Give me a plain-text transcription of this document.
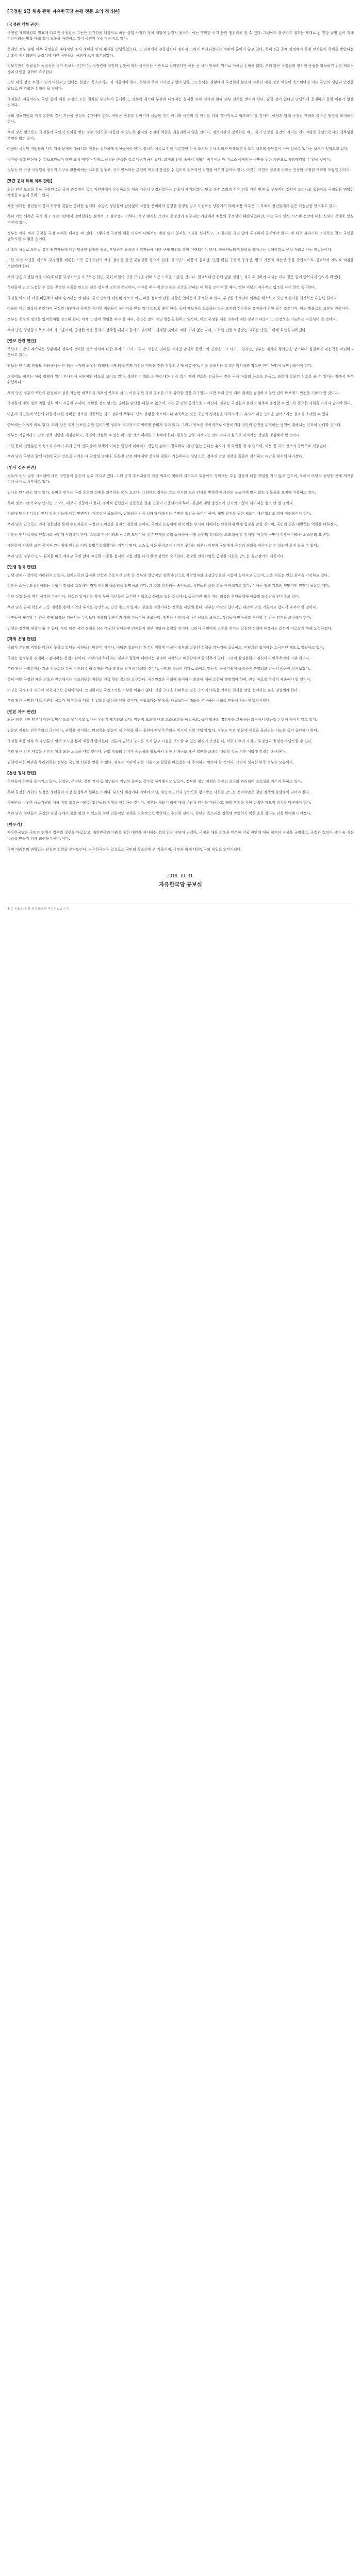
[국정원 5급 채용 관련 자유한국당 논평 전문 요약 정리본]
[국정원 개혁 관련]

국정원 개혁위원회 발표에 따르면 국정원은 그동안 민간인을 대상으로 하는 불법 사찰과 정치 개입에 앞장서 왔으며, 이는 명백한 국기 문란 행위라고 할 수 있다. 그럼에도 불구하고 정부는 제대로 된 진상 규명 없이 적폐 청산이라는 명목 아래 정치 보복을 자행하고 있어 국민적 우려가 커지고 있다.

문재인 정부 출범 이후 국정원은 대대적인 조직 개편과 인적 쇄신을 단행하였으나, 그 과정에서 전문성보다 정치적 고려가 우선되었다는 비판이 끊이지 않고 있다. 특히 5급 공채 과정에서 특정 인사들이 특혜를 받았다는 의혹이 제기되면서 공정성에 대한 국민들의 신뢰가 크게 훼손되었다.

정보기관의 중립성과 독립성은 국가 안보의 근간이다. 국정원이 정권의 입맛에 따라 움직이는 기관으로 전락한다면 이는 곧 국가 안보의 위기로 이어질 수밖에 없다. 우리 당은 국정원의 정치적 중립을 확보하기 위한 제도적 장치 마련을 강력히 촉구한다.

또한 대북 정보 수집 기능이 약화되고 있다는 현장의 목소리에도 귀 기울여야 한다. 북한의 핵과 미사일 위협이 날로 고도화되는 상황에서 국정원의 본연의 임무인 대북 정보 역량이 축소된다면 이는 국민의 생명과 안전을 담보로 한 위험한 실험이 될 것이다.

국정원은 지금이라도 국민 앞에 채용 과정의 모든 절차를 투명하게 공개하고, 의혹이 제기된 부분에 대해서는 철저한 자체 감사와 함께 외부 감사를 받아야 한다. 숨길 것이 없다면 당당하게 공개하지 못할 이유가 없을 것이다.

국회 정보위원회 역시 본연의 감시 기능을 충실히 수행해야 한다. 여당은 정부를 감싸기에 급급할 것이 아니라 국민의 알 권리를 위해 적극적으로 협조해야 할 것이며, 야당과 함께 국정원 개혁의 올바른 방향을 모색해야 한다.

우리 당은 앞으로도 국정원이 국민의 신뢰를 받는 정보기관으로 거듭날 수 있도록 감시와 견제의 역할을 게을리하지 않을 것이다. 정보기관의 정치화를 막고 국가 안보를 굳건히 지키는 것이야말로 공당으로서의 책무임을 분명히 밝혀 둔다.

아울러 국정원 직원들의 사기 저하 문제에 대해서도 정부는 심각하게 받아들여야 한다. 정치적 이유로 인한 무분별한 인사 조치와 수사 의뢰가 반복되면서 조직 내부의 불안감이 극에 달하고 있다는 보도가 잇따르고 있다.

국가를 위해 헌신해 온 정보요원들이 정권 교체 때마다 적폐로 몰리는 현실은 결코 바람직하지 않다. 조직의 안정 속에서 개혁이 이루어질 때 비로소 국정원은 국민을 위한 기관으로 자리매김할 수 있을 것이다.

정부는 더 이상 국정원을 정치적 도구로 활용하려는 시도를 멈추고, 국가 안보라는 본연의 목적에 충실할 수 있도록 전폭적인 지원을 아끼지 말아야 한다. 이것이 국민이 정부에 바라는 진정한 국정원 개혁의 모습일 것이다.

[5급 공채 특혜 의혹 관련]

최근 언론 보도를 통해 국정원 5급 공채 과정에서 특정 지원자에게 유리하도록 채용 기준이 변경되었다는 의혹이 제기되었다. 면접 점수 조정과 서류 전형 기준 변경 등 구체적인 정황이 드러나고 있음에도 국정원은 명확한 해명을 내놓지 못하고 있다.

채용 비리는 청년들의 꿈과 희망을 짓밟는 중대한 범죄다. 수많은 청년들이 밤낮없이 시험을 준비하며 공정한 경쟁을 믿고 도전하는 상황에서 특혜 채용 의혹은 그 자체로 청년들에게 깊은 좌절감을 안겨주고 있다.

특히 이번 의혹은 국가 최고 정보기관에서 벌어졌다는 점에서 그 심각성이 더하다. 가장 엄격한 보안과 공정성이 요구되는 기관에서 채용의 공정성이 훼손되었다면, 이는 국가 안보 시스템 전반에 대한 신뢰의 문제로 번질 수밖에 없다.

정부는 채용 비리 근절을 국정 과제로 내세운 바 있다. 그렇다면 국정원 채용 의혹에 대해서도 예외 없이 철저한 조사를 실시하고, 그 결과를 국민 앞에 투명하게 공개해야 한다. 제 식구 감싸기식 조사로는 결코 국민을 납득시킬 수 없을 것이다.

의혹이 사실로 드러날 경우 관련자들에 대한 엄중한 문책은 물론, 부당하게 탈락한 지원자들에 대한 구제 방안도 함께 마련되어야 한다. 피해자들의 억울함을 풀어주는 것이야말로 공정 사회로 가는 첫걸음이다.

또한 이번 사건을 계기로 국정원을 비롯한 모든 공공기관의 채용 절차를 전면 재점검할 필요가 있다. 블라인드 채용의 실효성, 면접 위원 구성의 공정성, 평가 기준의 객관성 등을 종합적으로 검토하여 제도적 허점을 보완해야 한다.

우리 당은 국정원 채용 의혹에 대한 국정조사를 요구하는 한편, 국회 차원의 진상 규명을 위해 모든 노력을 기울일 것이다. 필요하다면 관련 법률 개정도 적극 추진하여 다시는 이와 같은 일이 반복되지 않도록 하겠다.

청년들이 믿고 도전할 수 있는 공정한 사회를 만드는 것은 정치권 모두의 책임이다. 여야를 떠나 이번 의혹의 진상을 밝히는 데 힘을 모아야 할 때다. 정부 여당의 적극적인 협조를 다시 한번 촉구한다.

국정원 역시 더 이상 비밀주의 뒤에 숨어서는 안 된다. 국가 안보와 관련된 정보가 아닌 채용 절차에 관한 사항은 얼마든지 공개할 수 있다. 투명한 공개만이 의혹을 해소하고 국민의 신뢰를 회복하는 유일한 길이다.

아울러 이번 의혹과 관련하여 국정원 내부에서 문제를 제기한 직원들이 불이익을 받는 일이 없도록 해야 한다. 공익 제보자를 보호하는 것은 조직의 건강성을 유지하기 위한 필수 조건이며, 이는 법률로도 보장된 권리이다.

정부는 공정과 정의를 입버릇처럼 강조해 왔다. 이제 그 말에 책임을 져야 할 때다. 국민은 말이 아닌 행동을 원하고 있으며, 이번 국정원 채용 의혹에 대한 정부의 대응이 그 진정성을 가늠하는 시금석이 될 것이다.

우리 당은 청년들의 목소리에 귀 기울이며, 공정한 채용 문화가 정착될 때까지 끝까지 감시하고 견제할 것이다. 채용 비리 없는 나라, 노력한 만큼 보상받는 사회를 만들기 위해 최선을 다하겠다.

[안보 관련 현안]

북한의 도발이 계속되는 상황에서 정부의 안이한 안보 인식에 대한 우려가 커지고 있다. 북한은 잇따른 미사일 발사로 한반도의 긴장을 고조시키고 있지만, 정부는 대화와 평화만을 강조하며 실질적인 대응책을 마련하지 못하고 있다.

안보는 한 치의 빈틈도 허용해서는 안 되는 국가의 최우선 과제다. 국민의 생명과 재산을 지키는 것은 정부의 존재 이유이며, 이를 위해서는 강력한 억지력과 확고한 한미 동맹이 뒷받침되어야 한다.

그럼에도 정부는 대북 정책에 있어 지나치게 낙관적인 태도를 보이고 있다. 북한의 비핵화 의지에 대한 검증 없이 제재 완화를 언급하는 것은 국제 사회의 공조를 흔들고, 북한에 잘못된 신호를 줄 수 있다는 점에서 매우 위험하다.

우리 당은 정부가 북한의 완전하고 검증 가능한 비핵화를 최우선 목표로 삼고, 이를 위한 국제 공조를 더욱 강화할 것을 촉구한다. 또한 우리 군의 대비 태세를 점검하고 첨단 전력 확보에도 만전을 기해야 할 것이다.

국정원의 대북 정보 역량 강화 역시 시급한 과제다. 정확한 정보 없이는 올바른 판단을 내릴 수 없으며, 이는 곧 안보 공백으로 이어진다. 정부는 국정원이 본연의 임무에 충실할 수 있도록 필요한 지원을 아끼지 말아야 한다.

아울러 국민들께 북한의 위협에 대한 정확한 정보를 제공하는 것도 정부의 책무다. 안보 상황을 축소하거나 왜곡하는 것은 국민의 경각심을 약화시키고, 유사시 대응 능력을 떨어뜨리는 결과를 초래할 수 있다.

안보에는 여야가 따로 없다. 우리 당은 국가 안보를 위한 일이라면 정부와 적극적으로 협력할 준비가 되어 있다. 그러나 안보를 정치적으로 이용하거나 국민의 안전을 위협하는 정책에 대해서는 단호히 반대할 것이다.

정부는 지금이라도 안보 정책 전반을 재점검하고, 국민이 안심할 수 있는 확고한 안보 태세를 구축해야 한다. 평화는 말로 지켜지는 것이 아니라 힘으로 지켜지는 것임을 명심해야 할 것이다.

또한 한미 연합훈련의 축소와 유예가 우리 군의 전투 준비 태세에 미치는 영향에 대해서도 면밀한 검토가 필요하다. 훈련 없는 군대는 유사시 제 역할을 할 수 없으며, 이는 곧 국가 안보의 공백으로 직결된다.

우리 당은 국민과 함께 대한민국의 안보를 지키는 데 앞장설 것이다. 튼튼한 안보 위에서만 진정한 평화가 가능하다는 신념으로, 정부의 안보 정책을 꼼꼼히 감시하고 대안을 제시해 나가겠다.

[인사 검증 관련]

정부의 인사 검증 시스템에 대한 국민들의 불신이 날로 커지고 있다. 고위 공직 후보자들의 각종 의혹이 잇따라 제기되고 있음에도 청와대는 부실 검증에 대한 책임을 지지 않고 있으며, 오히려 야당의 정당한 문제 제기를 정치 공세로 치부하고 있다.

인사는 만사라는 말이 있다. 올바른 인사는 국정 운영의 성패를 좌우하는 핵심 요소다. 그럼에도 정부는 코드 인사와 보은 인사를 반복하며 국민의 눈높이에 맞지 않는 인물들을 요직에 기용하고 있다.

특히 정보기관의 수장 인사는 그 어느 때보다 신중해야 한다. 정치적 중립성과 전문성을 갖춘 인물이 기용되어야 하며, 정권에 대한 충성도가 인사의 기준이 되어서는 결코 안 될 것이다.

청와대 민정수석실의 인사 검증 기능에 대한 전면적인 재점검이 필요하다. 반복되는 검증 실패에 대해서는 분명한 책임을 물어야 하며, 재발 방지를 위한 제도적 개선 방안도 함께 마련되어야 한다.

우리 당은 앞으로도 인사 청문회를 통해 후보자들의 자질과 도덕성을 철저히 검증할 것이다. 국민의 눈높이에 맞지 않는 인사에 대해서는 단호하게 반대 입장을 밝힐 것이며, 국민의 뜻을 대변하는 역할을 다하겠다.

정부는 인사 실패를 인정하고 국민께 사과해야 한다. 그리고 지금이라도 능력과 도덕성을 갖춘 인재를 널리 등용하여 국정 운영의 정상화를 도모해야 할 것이다. 이것이 국민이 정부에 바라는 최소한의 요구다.

대통령이 약속한 고위 공직자 7대 배제 원칙은 이미 유명무실해졌다는 지적이 많다. 스스로 세운 원칙조차 지키지 못하는 정부가 어떻게 국민에게 공정과 정의를 이야기할 수 있는지 묻지 않을 수 없다.

우리 당은 정부가 인사 원칙을 바로 세우고 국민 앞에 약속한 기준을 철저히 지킬 것을 다시 한번 강력히 촉구한다. 공정한 인사야말로 공정한 사회를 만드는 출발점이기 때문이다.

[민생 경제 관련]

민생 경제가 갈수록 어려워지고 있다. 최저임금의 급격한 인상과 근로시간 단축 등 정부의 일방적인 정책 추진으로 자영업자와 소상공인들의 시름이 깊어지고 있으며, 고용 지표는 연일 최악을 기록하고 있다.

정부는 소득주도성장이라는 실험적 정책을 고집하며 경제 현장의 목소리를 외면하고 있다. 그 결과 일자리는 줄어들고, 서민들의 삶은 더욱 팍팍해지고 있다. 이제는 정책 기조의 전면적인 전환이 필요한 때다.

청년 실업 문제 역시 심각한 수준이다. 양질의 일자리를 찾지 못한 청년들이 공무원 시험으로 몰리고 있는 현실에서, 공공기관 채용 비리 의혹은 청년들에게 이중의 좌절감을 안겨주고 있다.

우리 당은 규제 혁신과 노동 개혁을 통해 기업의 투자를 촉진하고, 민간 주도의 일자리 창출을 이끌어내는 정책을 제안해 왔다. 정부는 야당의 합리적인 대안에 귀를 기울이고 협치에 나서야 할 것이다.

국민들이 체감할 수 있는 경제 회복을 위해서는 무엇보다 정책의 일관성과 예측 가능성이 중요하다. 정부는 시장에 올바른 신호를 보내고, 기업들이 안심하고 투자할 수 있는 환경을 조성해야 한다.

민생은 정쟁의 대상이 될 수 없다. 우리 당은 서민 경제를 살리기 위한 일이라면 언제든지 정부 여당과 협력할 것이다. 그러나 국민에게 고통을 안기는 잘못된 정책에 대해서는 끝까지 바로잡기 위해 노력하겠다.

[국회 운영 관련]

국회가 본연의 역할을 다하지 못하고 있다는 국민들의 비판이 거세다. 여당은 청와대의 거수기 역할에 머물며 정부의 잘못된 정책을 감싸기에 급급하고, 야당과의 협치에는 소극적인 태도로 일관하고 있다.

국회는 행정부를 견제하고 감시하는 헌법기관이다. 여당이라 하더라도 정부의 잘못에 대해서는 분명히 지적하고 바로잡아야 할 책무가 있다. 그것이 삼권분립의 정신이자 민주주의의 기본 원리다.

우리 당은 국정감사와 각종 청문회를 통해 정부의 정책 실패와 각종 의혹을 철저히 파헤칠 것이다. 국민의 세금이 제대로 쓰이고 있는지, 공공기관이 공정하게 운영되고 있는지 꼼꼼히 살펴보겠다.

특히 이번 국정원 채용 의혹과 관련해서는 정보위원회 차원의 긴급 현안 질의를 요구한다. 국정원장은 국회에 출석하여 의혹에 대해 소상히 해명해야 하며, 관련 자료를 성실히 제출해야 할 것이다.

여당은 국정조사 요구에 적극적으로 응해야 한다. 떳떳하다면 국정조사를 거부할 이유가 없다. 진상 규명을 회피하는 것은 오히려 의혹을 키우는 결과를 낳을 뿐이라는 점을 명심해야 한다.

우리 당은 국민의 대표 기관인 국회가 제 역할을 다할 수 있도록 최선을 다할 것이다. 정쟁보다는 민생을, 대립보다는 대화를 우선하는 국회를 만들어 가는 데 앞장서겠다.

[언론 자유 관련]

최근 정부 비판 언론에 대한 압박이 도를 넘어서고 있다는 우려가 제기되고 있다. 비판적 보도에 대해 고소·고발을 남발하고, 공영 방송의 경영진을 교체하는 과정에서 불공정 논란이 끊이지 않고 있다.

언론의 자유는 민주주의의 근간이다. 권력을 감시하고 비판하는 언론이 제 역할을 하지 못한다면 민주주의는 위기에 처할 수밖에 없다. 정부는 비판 언론에 재갈을 물리려는 시도를 즉각 중단해야 한다.

국정원 채용 의혹 역시 언론의 탐사 보도를 통해 세상에 알려졌다. 언론이 권력의 눈치를 보지 않고 사실을 보도할 수 있는 환경이 보장될 때, 비로소 우리 사회의 투명성과 공정성이 담보될 수 있다.

우리 당은 언론 자유를 지키기 위해 모든 노력을 다할 것이다. 공영 방송의 정치적 중립성을 확보하기 위한 지배구조 개선 법안을 조속히 처리할 것을 정부 여당에 강력히 촉구한다.

권력에 대한 비판을 두려워하는 정부는 국민의 신뢰를 얻을 수 없다. 정부는 비판에 귀를 기울이고 잘못을 바로잡는 데 주저하지 말아야 할 것이다. 그것이 성숙한 민주 정부의 모습이다.

[청년 정책 관련]

청년들이 희망을 잃어가고 있다. 취업난, 주거난, 결혼 기피 등 청년들이 직면한 문제는 갈수록 심각해지고 있으며, 정부의 청년 정책은 현장의 요구와 괴리되어 실효성을 거두지 못하고 있다.

특히 공정한 기회의 보장은 청년들이 가장 절실하게 원하는 가치다. 부모의 배경이나 인맥이 아닌, 개인의 노력과 능력으로 평가받는 사회를 만드는 것이야말로 청년 정책의 출발점이 되어야 한다.

국정원을 비롯한 공공기관의 채용 비리 의혹은 이러한 청년들의 기대를 배신하는 것이다. 정부는 채용 비리에 대해 무관용 원칙을 적용하고, 재발 방지를 위한 강력한 제도적 장치를 마련해야 한다.

우리 당은 청년들이 공정한 경쟁 속에서 꿈을 펼칠 수 있도록 청년 친화적인 정책을 지속적으로 발굴하고 추진할 것이다. 청년의 목소리를 정책에 반영하기 위한 소통 창구도 더욱 확대해 나가겠다.

[마무리]

자유한국당은 국민의 편에서 정부의 잘못을 바로잡고, 대한민국의 미래를 위한 대안을 제시하는 책임 있는 정당이 되겠다. 국정원 채용 의혹을 비롯한 각종 현안에 대해 철저히 진상을 규명하고, 공정과 정의가 살아 숨 쉬는 나라를 만들기 위해 최선을 다할 것이다.

국민 여러분의 변함없는 관심과 성원을 부탁드린다. 자유한국당은 앞으로도 국민의 목소리에 귀 기울이며, 국민과 함께 대한민국의 내일을 열어가겠다.

2018. 10. 31.
자유한국당 공보실
※ 본 자료는 보도 참고용으로 작성되었습니다.
